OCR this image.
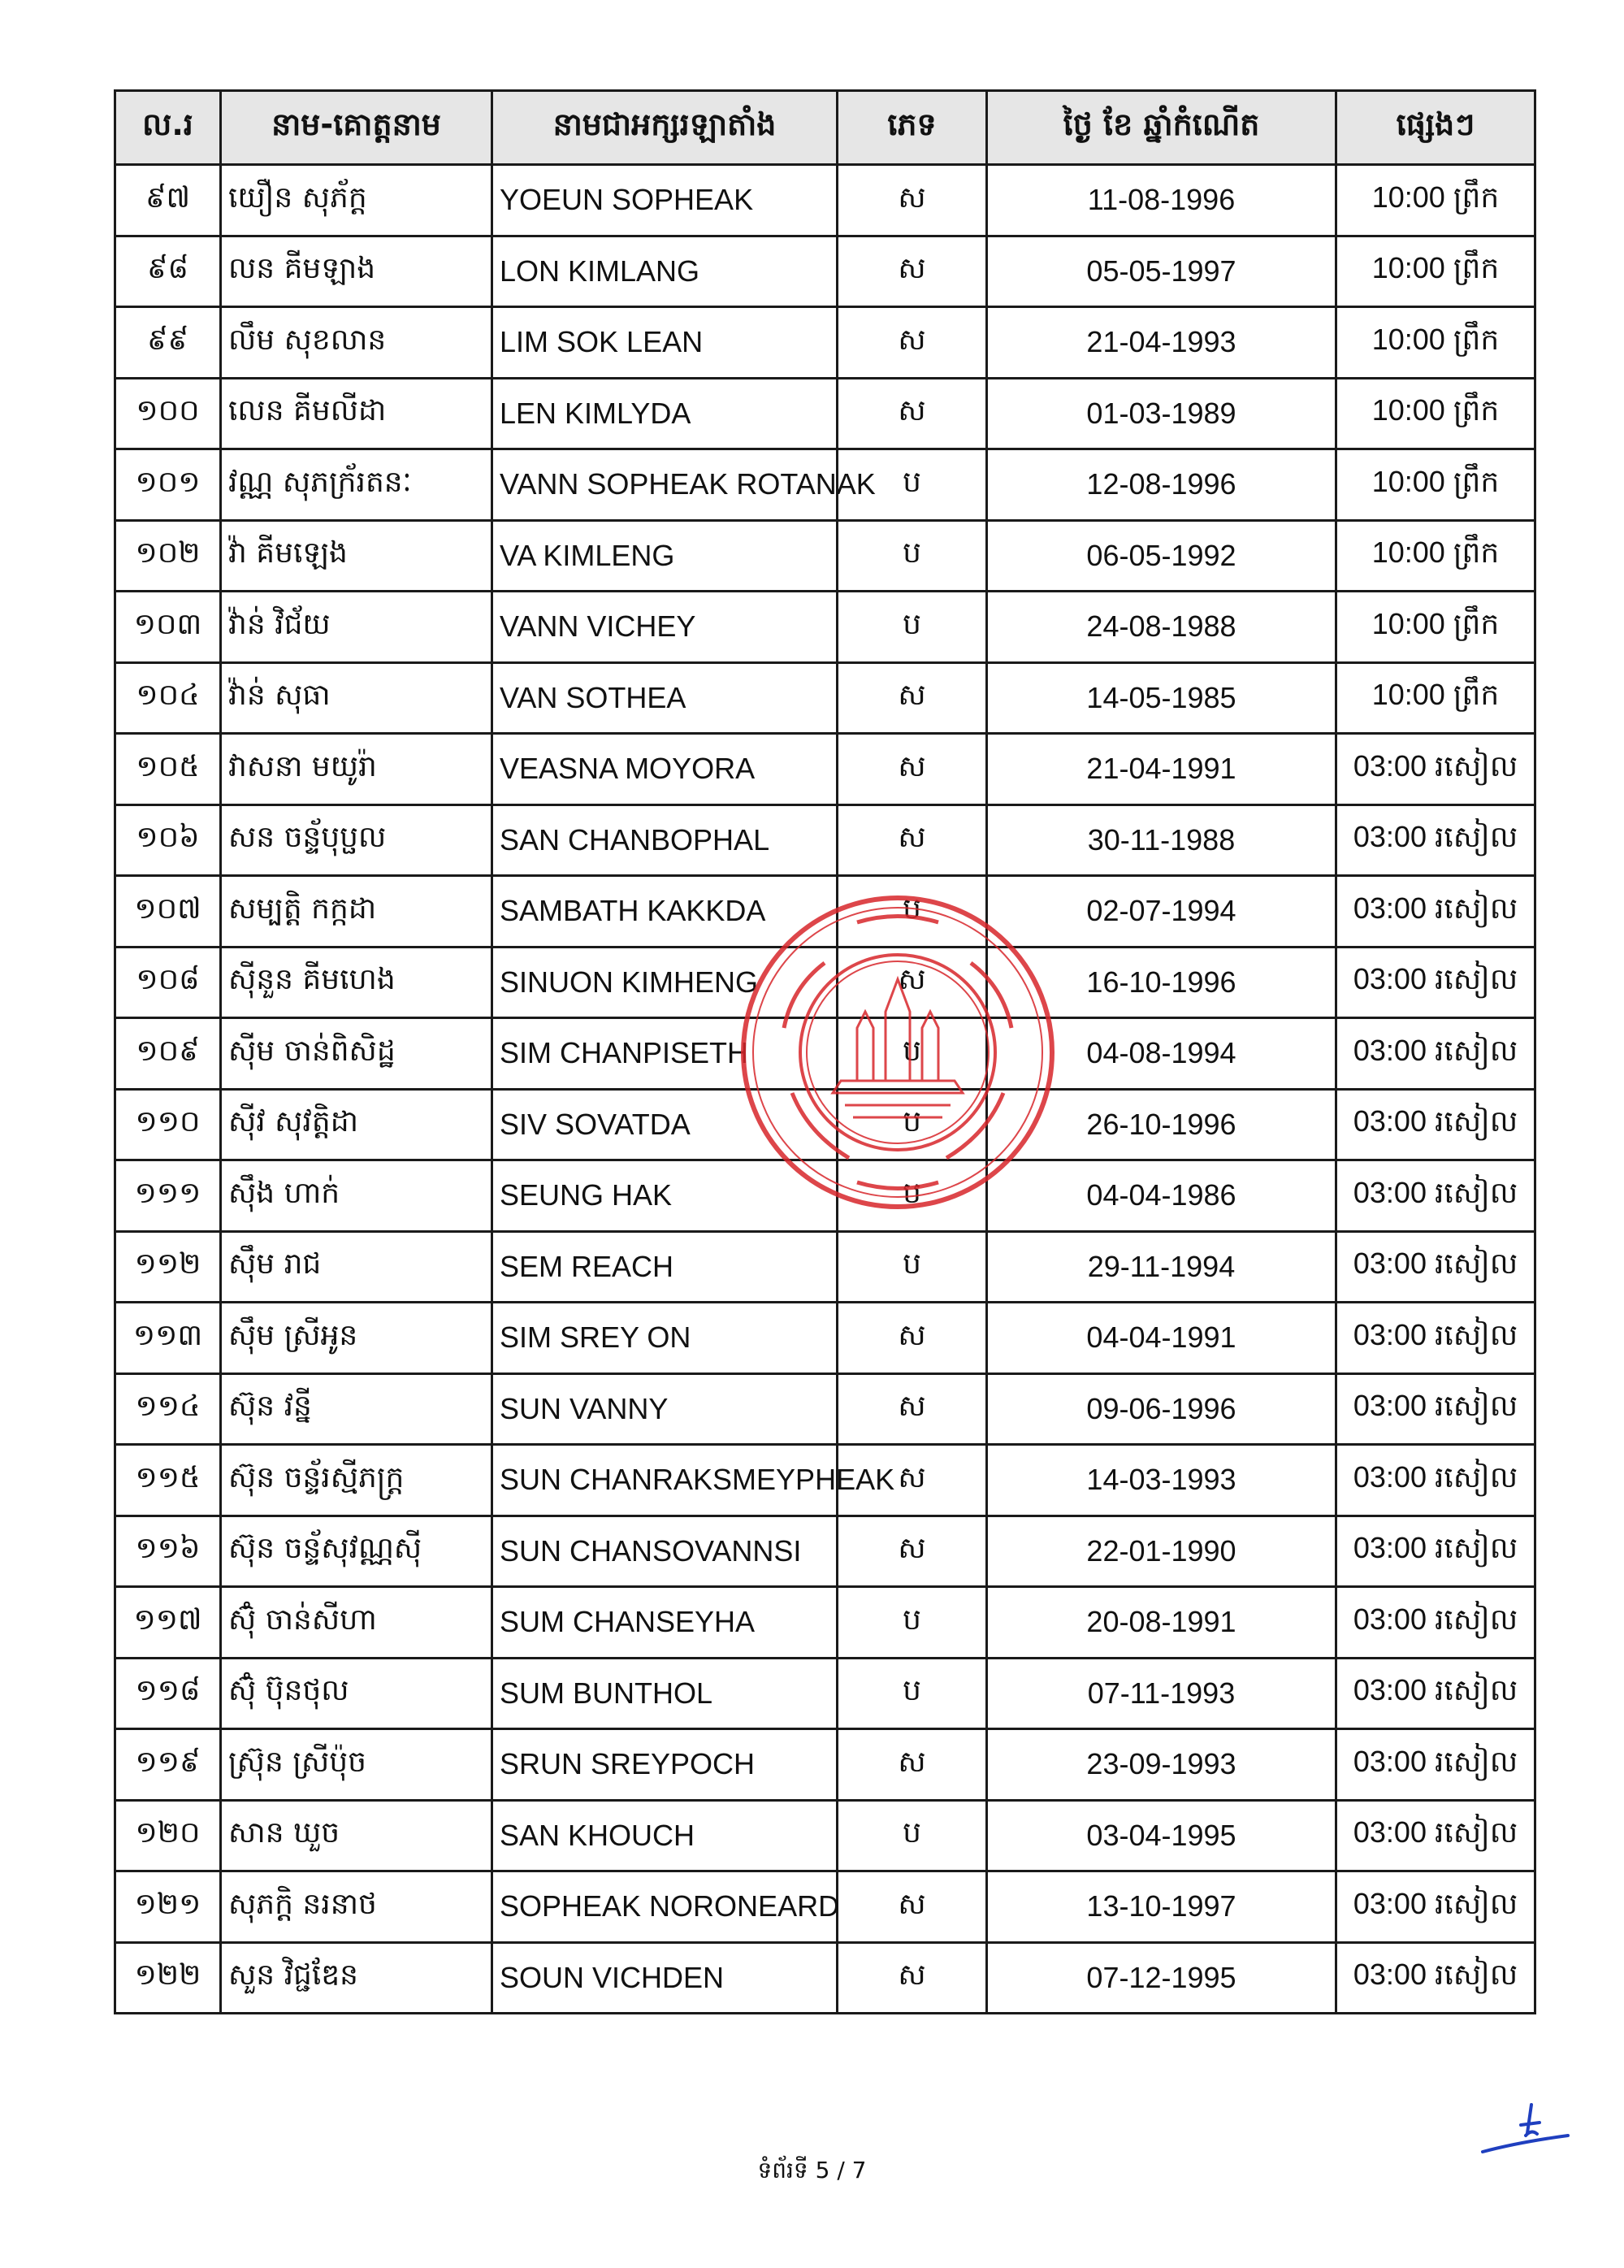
ល.រ	នាម-គោត្តនាម	នាមជាអក្សរឡាតាំង	ភេទ	ថ្ងៃ ខែ ឆ្នាំកំណើត	ផ្សេងៗ
៩៧	យឿន សុភ័ក្ត	YOEUN SOPHEAK	ស	11-08-1996	10:00 ព្រឹក
៩៨	លន គីមឡាង	LON KIMLANG	ស	05-05-1997	10:00 ព្រឹក
៩៩	លឹម សុខលាន	LIM SOK LEAN	ស	21-04-1993	10:00 ព្រឹក
១០០	លេន គីមលីដា	LEN KIMLYDA	ស	01-03-1989	10:00 ព្រឹក
១០១	វណ្ណ សុភក្រ័រតនៈ	VANN SOPHEAK ROTANAK	ប	12-08-1996	10:00 ព្រឹក
១០២	វ៉ា គីមឡេង	VA KIMLENG	ប	06-05-1992	10:00 ព្រឹក
១០៣	វ៉ាន់ វិជ័យ	VANN VICHEY	ប	24-08-1988	10:00 ព្រឹក
១០៤	វ៉ាន់ សុធា	VAN SOTHEA	ស	14-05-1985	10:00 ព្រឹក
១០៥	វាសនា មយូរ៉ា	VEASNA MOYORA	ស	21-04-1991	03:00 រសៀល
១០៦	សន ចន្ទ័បុប្ផល	SAN CHANBOPHAL	ស	30-11-1988	03:00 រសៀល
១០៧	សម្បត្តិ កក្កដា	SAMBATH KAKKDA	ប	02-07-1994	03:00 រសៀល
១០៨	ស៊ីនួន គីមហេង	SINUON KIMHENG	ស	16-10-1996	03:00 រសៀល
១០៩	ស៊ីម ចាន់ពិសិដ្ឋ	SIM CHANPISETH	ប	04-08-1994	03:00 រសៀល
១១០	ស៊ីវ សុវត្តិដា	SIV SOVATDA	ប	26-10-1996	03:00 រសៀល
១១១	ស៊ឹង ហាក់	SEUNG HAK	ប	04-04-1986	03:00 រសៀល
១១២	ស៊ឹម រាជ	SEM REACH	ប	29-11-1994	03:00 រសៀល
១១៣	ស៊ឹម ស្រីអូន	SIM SREY ON	ស	04-04-1991	03:00 រសៀល
១១៤	ស៊ុន វន្នី	SUN VANNY	ស	09-06-1996	03:00 រសៀល
១១៥	ស៊ុន ចន្ទ័រស្មីភក្ត្រ	SUN CHANRAKSMEYPHEAK	ស	14-03-1993	03:00 រសៀល
១១៦	ស៊ុន ចន្ទ័សុវណ្ណស៊ី	SUN CHANSOVANNSI	ស	22-01-1990	03:00 រសៀល
១១៧	ស៊ុំ ចាន់សីហា	SUM CHANSEYHA	ប	20-08-1991	03:00 រសៀល
១១៨	ស៊ុំ ប៊ុនថុល	SUM BUNTHOL	ប	07-11-1993	03:00 រសៀល
១១៩	ស្រ៊ុន ស្រីប៉ុច	SRUN SREYPOCH	ស	23-09-1993	03:00 រសៀល
១២០	សាន ឃួច	SAN KHOUCH	ប	03-04-1995	03:00 រសៀល
១២១	សុភក្តិ នរនាថ	SOPHEAK NORONEARD	ស	13-10-1997	03:00 រសៀល
១២២	សួន វិជ្ជឌែន	SOUN VICHDEN	ស	07-12-1995	03:00 រសៀល
ទំព័រទី 5 / 7
